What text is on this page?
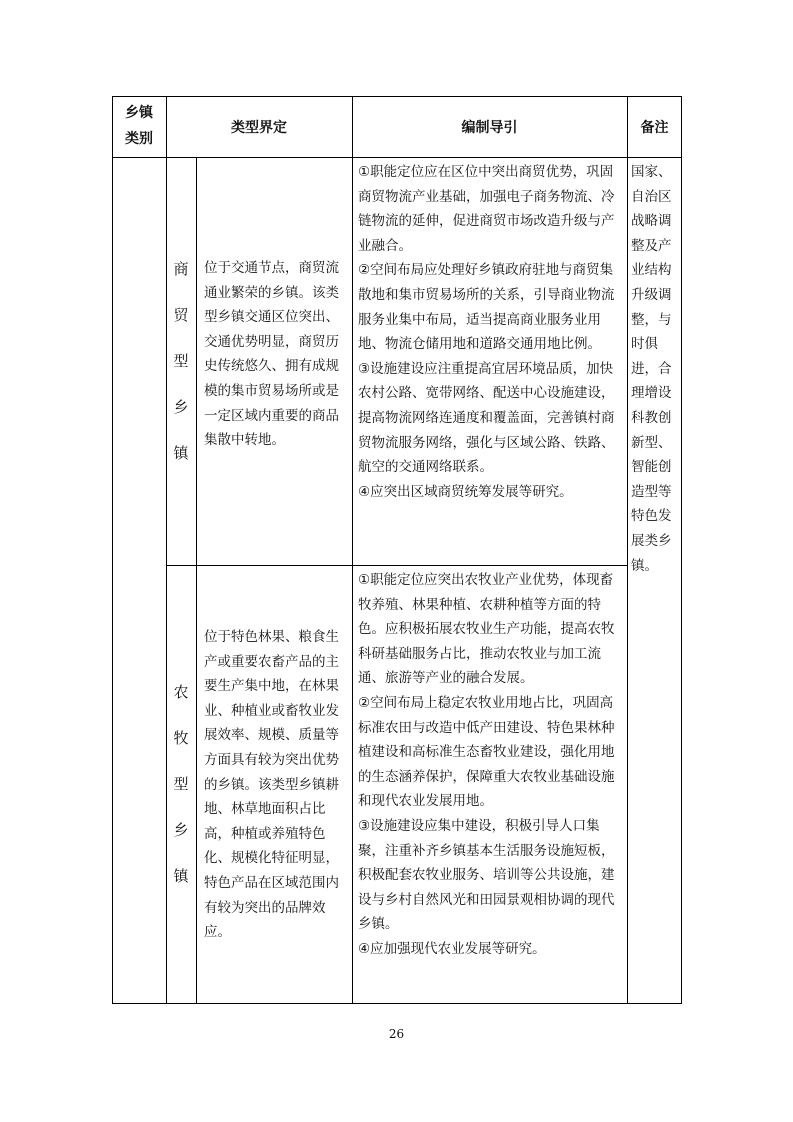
乡镇
类别
类型界定	编制导引	备注
商
贸
型
乡
镇
位于交通节点，商贸流通业繁荣的乡镇。该类型乡镇交通区位突出、交通优势明显，商贸历史传统悠久、拥有成规模的集市贸易场所或是一定区域内重要的商品集散中转地。

①职能定位应在区位中突出商贸优势，巩固商贸物流产业基础，加强电子商务物流、冷链物流的延伸，促进商贸市场改造升级与产业融合。

②空间布局应处理好乡镇政府驻地与商贸集散地和集市贸易场所的关系，引导商业物流服务业集中布局，适当提高商业服务业用地、物流仓储用地和道路交通用地比例。

③设施建设应注重提高宜居环境品质，加快农村公路、宽带网络、配送中心设施建设，提高物流网络连通度和覆盖面，完善镇村商贸物流服务网络，强化与区域公路、铁路、航空的交通网络联系。

④应突出区域商贸统筹发展等研究。

农
牧
型
乡
镇
位于特色林果、粮食生产或重要农畜产品的主要生产集中地，在林果业、种植业或畜牧业发展效率、规模、质量等方面具有较为突出优势的乡镇。该类型乡镇耕地、林草地面积占比高，种植或养殖特色化、规模化特征明显，特色产品在区域范围内有较为突出的品牌效应。

①职能定位应突出农牧业产业优势，体现畜牧养殖、林果种植、农耕种植等方面的特色。应积极拓展农牧业生产功能，提高农牧科研基础服务占比，推动农牧业与加工流通、旅游等产业的融合发展。

②空间布局上稳定农牧业用地占比，巩固高标准农田与改造中低产田建设、特色果林种植建设和高标准生态畜牧业建设，强化用地的生态涵养保护，保障重大农牧业基础设施和现代农业发展用地。

③设施建设应集中建设，积极引导人口集聚，注重补齐乡镇基本生活服务设施短板，积极配套农牧业服务、培训等公共设施，建设与乡村自然风光和田园景观相协调的现代乡镇。

④应加强现代农业发展等研究。

国家、自治区战略调整及产业结构升级调整，与时俱进，合理增设科教创新型、智能创造型等特色发展类乡镇。
26
